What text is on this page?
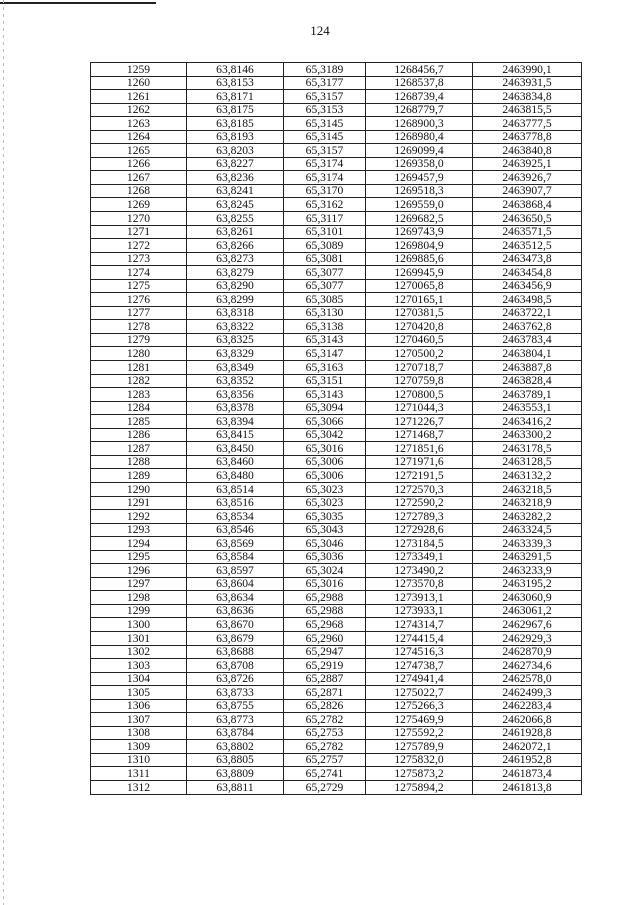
124
1259	63,8146	65,3189	1268456,7	2463990,1
1260	63,8153	65,3177	1268537,8	2463931,5
1261	63,8171	65,3157	1268739,4	2463834,8
1262	63,8175	65,3153	1268779,7	2463815,5
1263	63,8185	65,3145	1268900,3	2463777,5
1264	63,8193	65,3145	1268980,4	2463778,8
1265	63,8203	65,3157	1269099,4	2463840,8
1266	63,8227	65,3174	1269358,0	2463925,1
1267	63,8236	65,3174	1269457,9	2463926,7
1268	63,8241	65,3170	1269518,3	2463907,7
1269	63,8245	65,3162	1269559,0	2463868,4
1270	63,8255	65,3117	1269682,5	2463650,5
1271	63,8261	65,3101	1269743,9	2463571,5
1272	63,8266	65,3089	1269804,9	2463512,5
1273	63,8273	65,3081	1269885,6	2463473,8
1274	63,8279	65,3077	1269945,9	2463454,8
1275	63,8290	65,3077	1270065,8	2463456,9
1276	63,8299	65,3085	1270165,1	2463498,5
1277	63,8318	65,3130	1270381,5	2463722,1
1278	63,8322	65,3138	1270420,8	2463762,8
1279	63,8325	65,3143	1270460,5	2463783,4
1280	63,8329	65,3147	1270500,2	2463804,1
1281	63,8349	65,3163	1270718,7	2463887,8
1282	63,8352	65,3151	1270759,8	2463828,4
1283	63,8356	65,3143	1270800,5	2463789,1
1284	63,8378	65,3094	1271044,3	2463553,1
1285	63,8394	65,3066	1271226,7	2463416,2
1286	63,8415	65,3042	1271468,7	2463300,2
1287	63,8450	65,3016	1271851,6	2463178,5
1288	63,8460	65,3006	1271971,6	2463128,5
1289	63,8480	65,3006	1272191,5	2463132,2
1290	63,8514	65,3023	1272570,3	2463218,5
1291	63,8516	65,3023	1272590,2	2463218,9
1292	63,8534	65,3035	1272789,3	2463282,2
1293	63,8546	65,3043	1272928,6	2463324,5
1294	63,8569	65,3046	1273184,5	2463339,3
1295	63,8584	65,3036	1273349,1	2463291,5
1296	63,8597	65,3024	1273490,2	2463233,9
1297	63,8604	65,3016	1273570,8	2463195,2
1298	63,8634	65,2988	1273913,1	2463060,9
1299	63,8636	65,2988	1273933,1	2463061,2
1300	63,8670	65,2968	1274314,7	2462967,6
1301	63,8679	65,2960	1274415,4	2462929,3
1302	63,8688	65,2947	1274516,3	2462870,9
1303	63,8708	65,2919	1274738,7	2462734,6
1304	63,8726	65,2887	1274941,4	2462578,0
1305	63,8733	65,2871	1275022,7	2462499,3
1306	63,8755	65,2826	1275266,3	2462283,4
1307	63,8773	65,2782	1275469,9	2462066,8
1308	63,8784	65,2753	1275592,2	2461928,8
1309	63,8802	65,2782	1275789,9	2462072,1
1310	63,8805	65,2757	1275832,0	2461952,8
1311	63,8809	65,2741	1275873,2	2461873,4
1312	63,8811	65,2729	1275894,2	2461813,8
